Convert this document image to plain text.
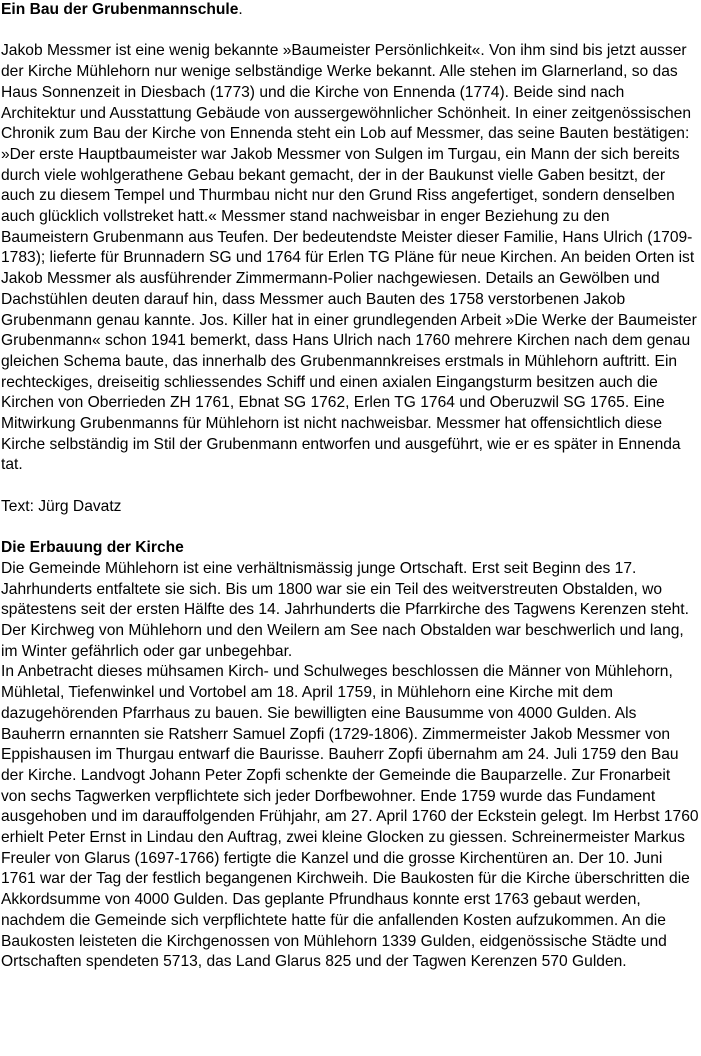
Ein Bau der Grubenmannschule.

Jakob Messmer ist eine wenig bekannte »Baumeister Persönlichkeit«. Von ihm sind bis jetzt ausser der Kirche Mühlehorn nur wenige selbständige Werke bekannt. Alle stehen im Glarnerland, so das Haus Sonnenzeit in Diesbach (1773) und die Kirche von Ennenda (1774). Beide sind nach Architektur und Ausstattung Gebäude von aussergewöhnlicher Schönheit. In einer zeitgenössischen Chronik zum Bau der Kirche von Ennenda steht ein Lob auf Messmer, das seine Bauten bestätigen: »Der erste Hauptbaumeister war Jakob Messmer von Sulgen im Turgau, ein Mann der sich bereits durch viele wohlgerathene Gebau bekant gemacht, der in der Baukunst vielle Gaben besitzt, der auch zu diesem Tempel und Thurmbau nicht nur den Grund Riss angefertiget, sondern denselben auch glücklich vollstreket hatt.« Messmer stand nachweisbar in enger Beziehung zu den Baumeistern Grubenmann aus Teufen. Der bedeutendste Meister dieser Familie, Hans Ulrich (1709-1783); lieferte für Brunnadern SG und 1764 für Erlen TG Pläne für neue Kirchen. An beiden Orten ist Jakob Messmer als ausführender Zimmermann-Polier nachgewiesen. Details an Gewölben und Dachstühlen deuten darauf hin, dass Messmer auch Bauten des 1758 verstorbenen Jakob Grubenmann genau kannte. Jos. Killer hat in einer grundlegenden Arbeit »Die Werke der Baumeister Grubenmann« schon 1941 bemerkt, dass Hans Ulrich nach 1760 mehrere Kirchen nach dem genau gleichen Schema baute, das innerhalb des Grubenmannkreises erstmals in Mühlehorn auftritt. Ein rechteckiges, dreiseitig schliessendes Schiff und einen axialen Eingangsturm besitzen auch die Kirchen von Oberrieden ZH 1761, Ebnat SG 1762, Erlen TG 1764 und Oberuzwil SG 1765. Eine Mitwirkung Grubenmanns für Mühlehorn ist nicht nachweisbar. Messmer hat offensichtlich diese Kirche selbständig im Stil der Grubenmann entworfen und ausgeführt, wie er es später in Ennenda tat.

Text: Jürg Davatz

Die Erbauung der Kirche

Die Gemeinde Mühlehorn ist eine verhältnismässig junge Ortschaft. Erst seit Beginn des 17. Jahrhunderts entfaltete sie sich. Bis um 1800 war sie ein Teil des weitverstreuten Obstalden, wo spätestens seit der ersten Hälfte des 14. Jahrhunderts die Pfarrkirche des Tagwens Kerenzen steht. Der Kirchweg von Mühlehorn und den Weilern am See nach Obstalden war beschwerlich und lang, im Winter gefährlich oder gar unbegehbar.

In Anbetracht dieses mühsamen Kirch- und Schulweges beschlossen die Männer von Mühlehorn, Mühletal, Tiefenwinkel und Vortobel am 18. April 1759, in Mühlehorn eine Kirche mit dem dazugehörenden Pfarrhaus zu bauen. Sie bewilligten eine Bausumme von 4000 Gulden. Als Bauherrn ernannten sie Ratsherr Samuel Zopfi (1729-1806). Zimmermeister Jakob Messmer von Eppishausen im Thurgau entwarf die Baurisse. Bauherr Zopfi übernahm am 24. Juli 1759 den Bau der Kirche. Landvogt Johann Peter Zopfi schenkte der Gemeinde die Bauparzelle. Zur Fronarbeit von sechs Tagwerken verpflichtete sich jeder Dorfbewohner. Ende 1759 wurde das Fundament ausgehoben und im darauffolgenden Frühjahr, am 27. April 1760 der Eckstein gelegt. Im Herbst 1760 erhielt Peter Ernst in Lindau den Auftrag, zwei kleine Glocken zu giessen. Schreinermeister Markus Freuler von Glarus (1697-1766) fertigte die Kanzel und die grosse Kirchentüren an. Der 10. Juni 1761 war der Tag der festlich begangenen Kirchweih. Die Baukosten für die Kirche überschritten die Akkordsumme von 4000 Gulden. Das geplante Pfrundhaus konnte erst 1763 gebaut werden, nachdem die Gemeinde sich verpflichtete hatte für die anfallenden Kosten aufzukommen. An die Baukosten leisteten die Kirchgenossen von Mühlehorn 1339 Gulden, eidgenössische Städte und Ortschaften spendeten 5713, das Land Glarus 825 und der Tagwen Kerenzen 570 Gulden.
